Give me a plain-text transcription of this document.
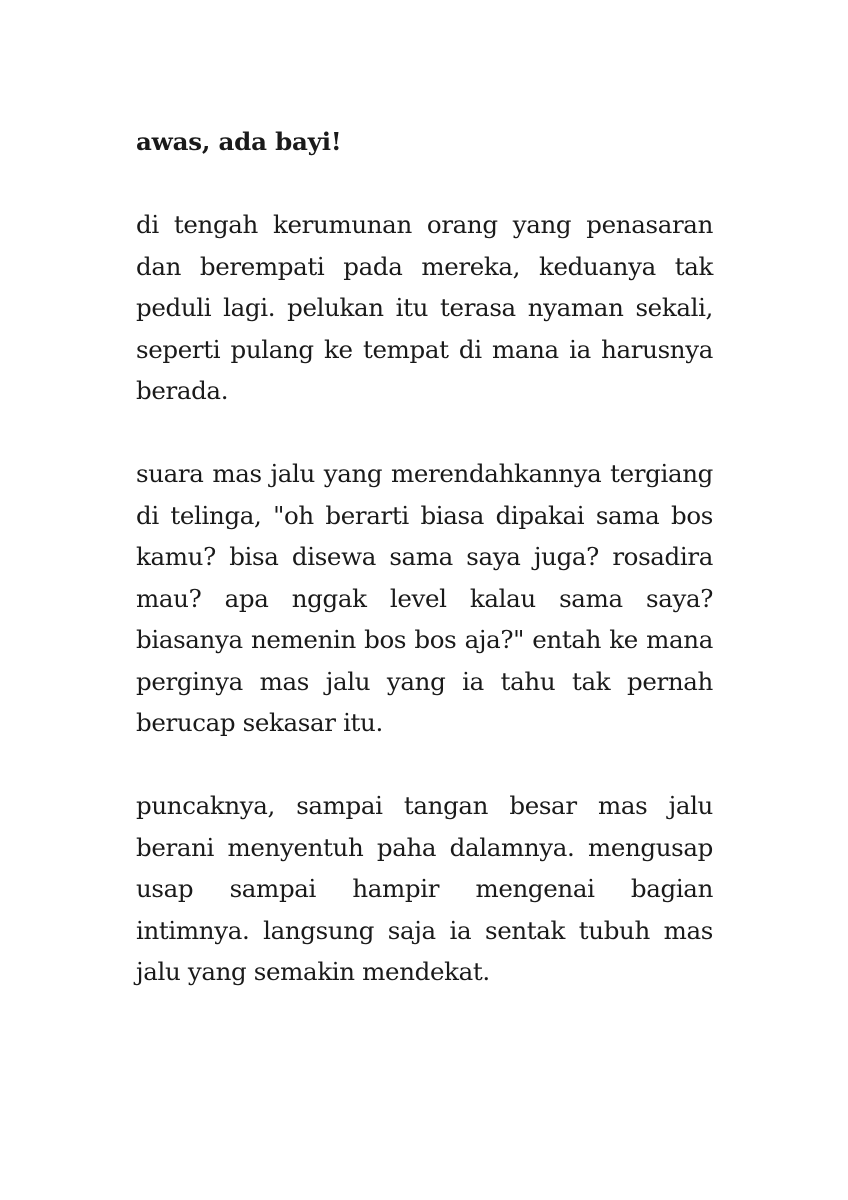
awas, ada bayi!

di tengah kerumunan orang yang penasaran dan berempati pada mereka, keduanya tak peduli lagi. pelukan itu terasa nyaman sekali, seperti pulang ke tempat di mana ia harusnya berada.

suara mas jalu yang merendahkannya tergiang di telinga, "oh berarti biasa dipakai sama bos kamu? bisa disewa sama saya juga? rosadira mau? apa nggak level kalau sama saya? biasanya nemenin bos bos aja?" entah ke mana perginya mas jalu yang ia tahu tak pernah berucap sekasar itu.

puncaknya, sampai tangan besar mas jalu berani menyentuh paha dalamnya. mengusap usap sampai hampir mengenai bagian intimnya. langsung saja ia sentak tubuh mas jalu yang semakin mendekat.
